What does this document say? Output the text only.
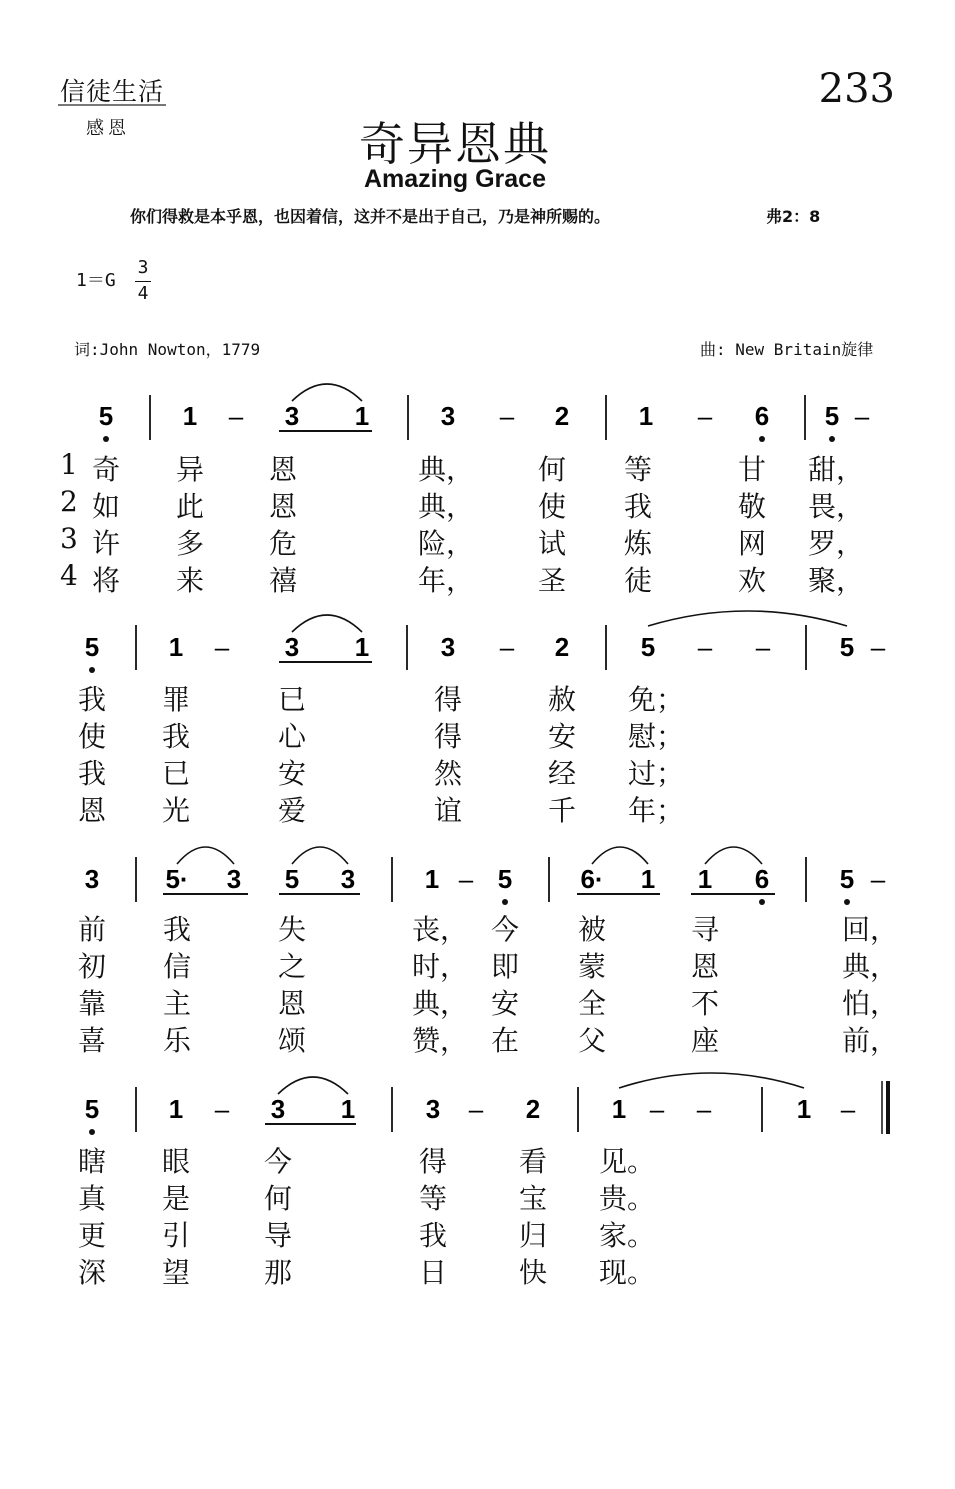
信徒生活
感恩
233
奇异恩典
Amazing Grace
你们得救是本乎恩，也因着信，这并不是出于自己，乃是神所赐的。	弗2：8
1＝G
3
4
词:John Nowton，1779	曲: New Britain旋律
5	1 – 3 1	3 – 2	1 – 6 5 –
5	1 – 3 1	3 – 2	5 – –	5 –
3	5· 3 5 3	1 – 5	6· 1 1 6	5 –
5	1 – 3 1	3 – 2	1 – –	1 –
1 奇 异 恩	典， 何 等	甘 甜，
2 如 此 恩	典， 使 我	敬 畏，
3 许 多 危	险， 试 炼	网 罗，
4 将 来 禧	年， 圣 徒	欢 聚，
我 罪	已	得	赦 免；
使 我	心	得	安 慰；
我 已	安	然	经 过；
恩 光	爱	谊	千 年；
前 我	失	丧， 今 被	寻	回，
初 信	之	时， 即 蒙	恩	典，
靠 主	恩	典， 安 全	不	怕，
喜 乐	颂	赞， 在 父	座	前，
瞎 眼	今	得	看 见。
真 是	何	等	宝 贵。
更 引	导	我	归 家。
深 望	那	日	快 现。
